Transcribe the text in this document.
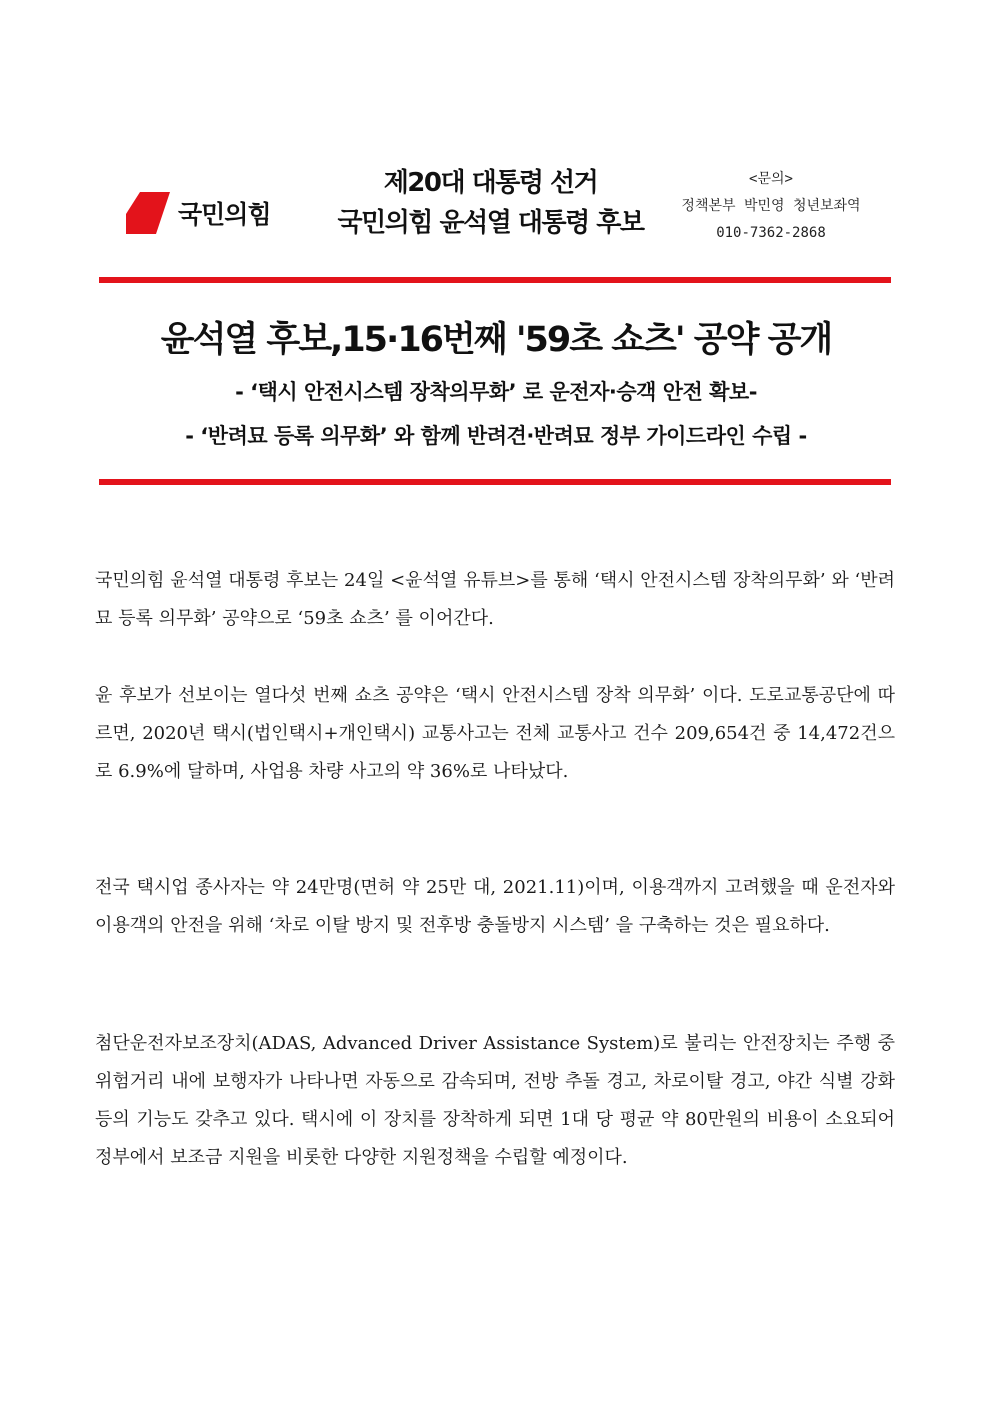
국민의힘
제20대 대통령 선거
국민의힘 윤석열 대통령 후보
<문의>
정책본부 박민영 청년보좌역
010-7362-2868
윤석열 후보,15·16번째 '59초 쇼츠' 공약 공개
- ‘택시 안전시스템 장착의무화’ 로 운전자·승객 안전 확보-
- ‘반려묘 등록 의무화’ 와 함께 반려견·반려묘 정부 가이드라인 수립 -

국민의힘 윤석열 대통령 후보는 24일 <윤석열 유튜브>를 통해 ‘택시 안전시스템 장착의무화’ 와 ‘반려묘 등록 의무화’ 공약으로 ‘59초 쇼츠’ 를 이어간다.

윤 후보가 선보이는 열다섯 번째 쇼츠 공약은 ‘택시 안전시스템 장착 의무화’ 이다. 도로교통공단에 따르면, 2020년 택시(법인택시+개인택시) 교통사고는 전체 교통사고 건수 209,654건 중 14,472건으로 6.9%에 달하며, 사업용 차량 사고의 약 36%로 나타났다.

전국 택시업 종사자는 약 24만명(면허 약 25만 대, 2021.11)이며, 이용객까지 고려했을 때 운전자와 이용객의 안전을 위해 ‘차로 이탈 방지 및 전후방 충돌방지 시스템’ 을 구축하는 것은 필요하다.

첨단운전자보조장치(ADAS, Advanced Driver Assistance System)로 불리는 안전장치는 주행 중 위험거리 내에 보행자가 나타나면 자동으로 감속되며, 전방 추돌 경고, 차로이탈 경고, 야간 식별 강화 등의 기능도 갖추고 있다. 택시에 이 장치를 장착하게 되면 1대 당 평균 약 80만원의 비용이 소요되어 정부에서 보조금 지원을 비롯한 다양한 지원정책을 수립할 예정이다.
